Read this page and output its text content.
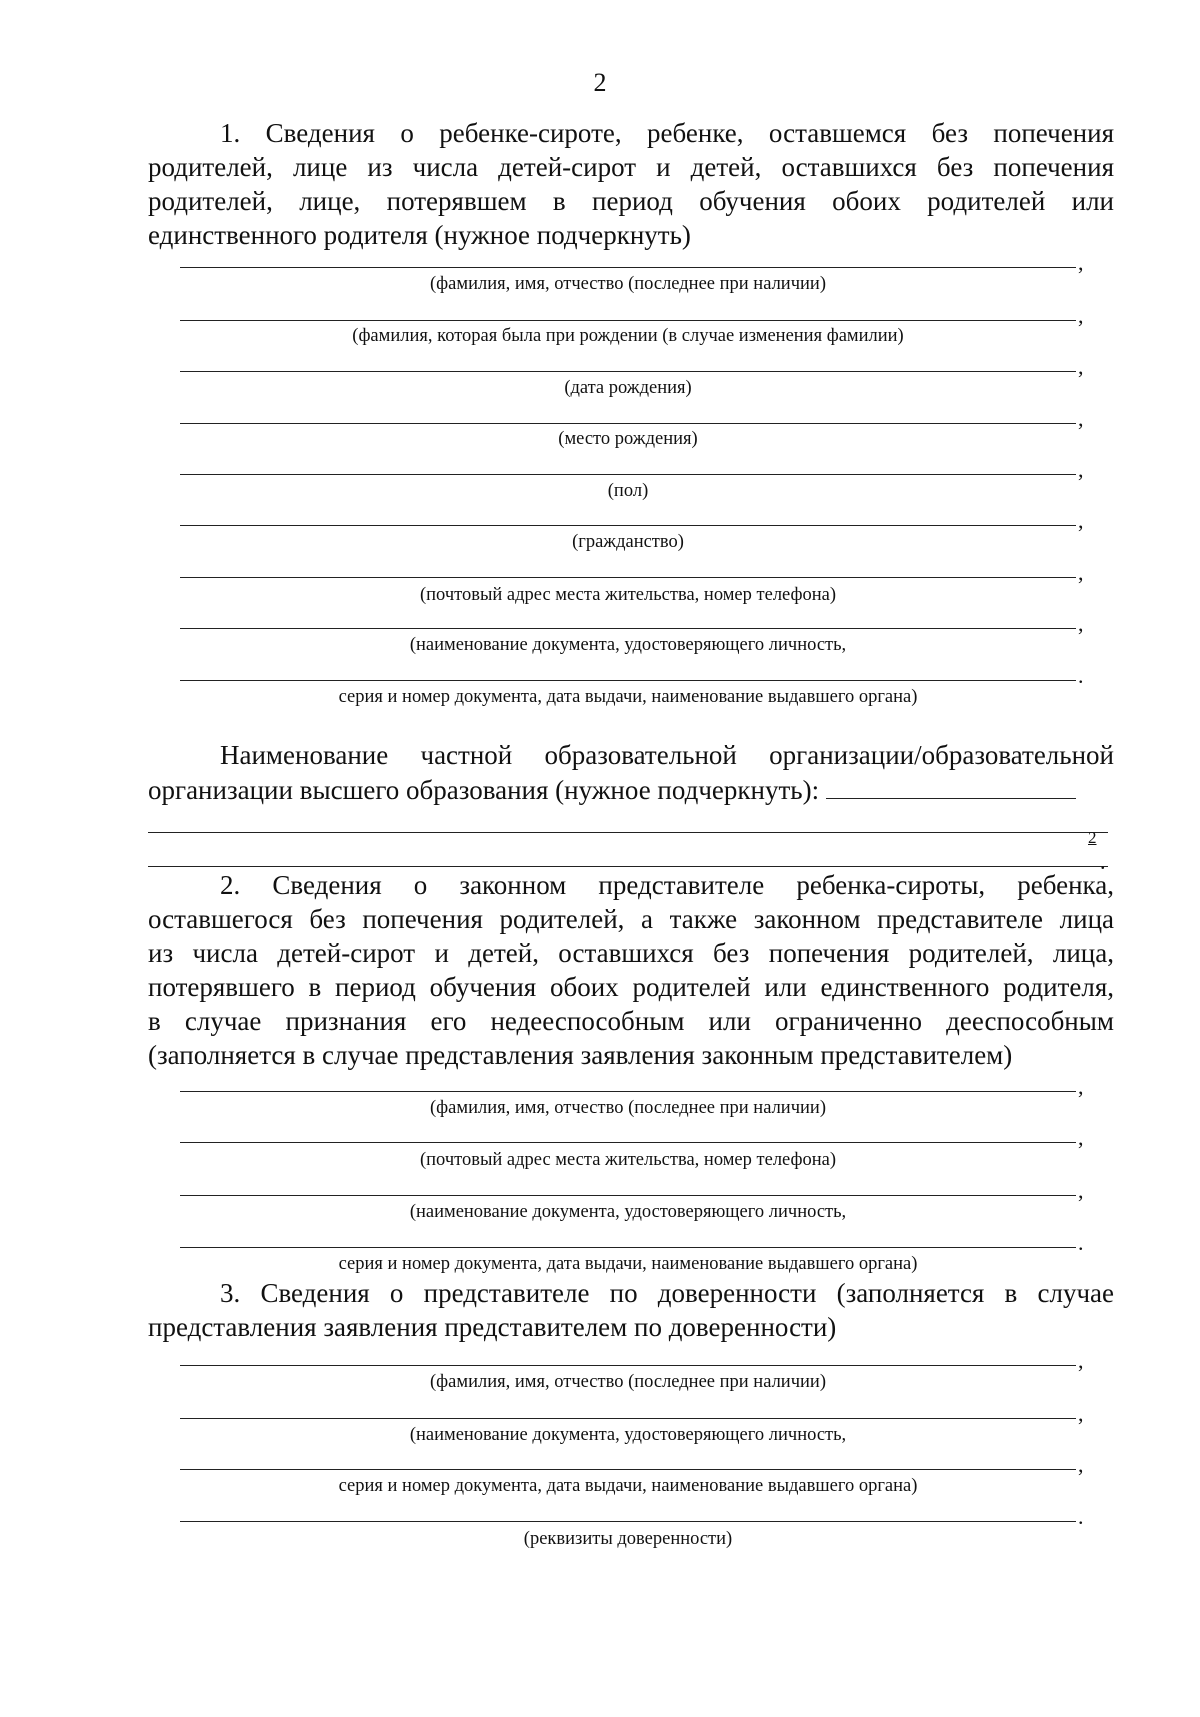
2

1. Сведения о ребенке-сироте, ребенке, оставшемся без попечения
родителей, лице из числа детей-сирот и детей, оставшихся без попечения
родителей, лице, потерявшем в период обучения обоих родителей или
единственного родителя (нужное подчеркнуть)

,
(фамилия, имя, отчество (последнее при наличии)
,
(фамилия, которая была при рождении (в случае изменения фамилии)
,
(дата рождения)
,
(место рождения)
,
(пол)
,
(гражданство)
,
(почтовый адрес места жительства, номер телефона)
,
(наименование документа, удостоверяющего личность,
.
серия и номер документа, дата выдачи, наименование выдавшего органа)

Наименование частной образовательной организации/образовательной
организации высшего образования (нужное подчеркнуть):

2
.

2. Сведения о законном представителе ребенка-сироты, ребенка,
оставшегося без попечения родителей, а также законном представителе лица
из числа детей-сирот и детей, оставшихся без попечения родителей, лица,
потерявшего в период обучения обоих родителей или единственного родителя,
в случае признания его недееспособным или ограниченно дееспособным
(заполняется в случае представления заявления законным представителем)

,
(фамилия, имя, отчество (последнее при наличии)
,
(почтовый адрес места жительства, номер телефона)
,
(наименование документа, удостоверяющего личность,
.
серия и номер документа, дата выдачи, наименование выдавшего органа)

3. Сведения о представителе по доверенности (заполняется в случае
представления заявления представителем по доверенности)

,
(фамилия, имя, отчество (последнее при наличии)
,
(наименование документа, удостоверяющего личность,
,
серия и номер документа, дата выдачи, наименование выдавшего органа)
.
(реквизиты доверенности)
